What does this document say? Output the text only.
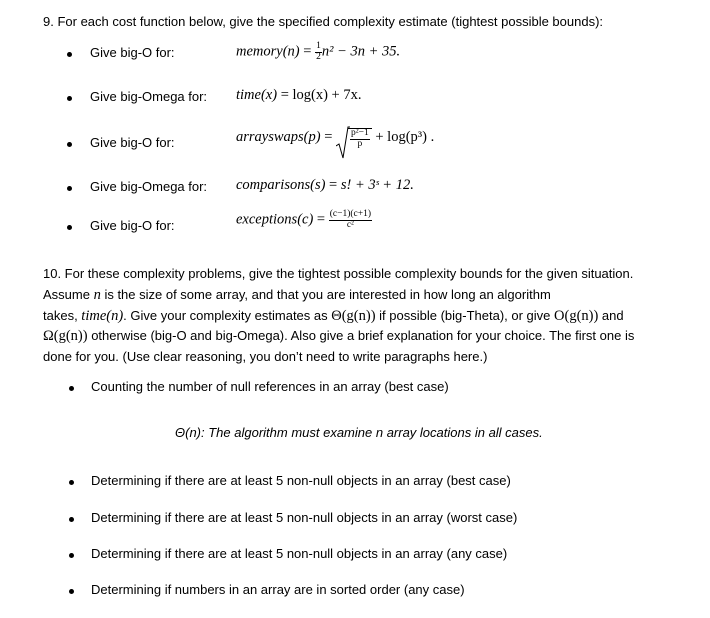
9. For each cost function below, give the specified complexity estimate (tightest possible bounds):
Give big-O for:	memory(n) = $\frac{1}{2} n^2 - 3n + 35$.
Give big-Omega for: time(x) = log(x) + 7x.
Give big-O for:	arrayswaps(p) = $\frac{\text{p²−1}}{p} + \log(p^3)$ .
Give big-Omega for: comparisons(s) = s! + 3ˢ + 12.
Give big-O for:	exceptions(c) = $\frac{(c-1)(c+1)}{\text{c²}}$
10. For these complexity problems, give the tightest possible complexity bounds for the given situation.
Assume n is the size of some array, and that you are interested in how long an algorithm
takes, time(n). Give your complexity estimates as Θ(g(n)) if possible (big-Theta), or give O(g(n)) and
Ω(g(n)) otherwise (big-O and big-Omega). Also give a brief explanation for your choice. The first one is
done for you. (Use clear reasoning, you don’t need to write paragraphs here.)
Counting the number of null references in an array (best case)
Θ(n): The algorithm must examine n array locations in all cases.
Determining if there are at least 5 non-null objects in an array (best case)
Determining if there are at least 5 non-null objects in an array (worst case)
Determining if there are at least 5 non-null objects in an array (any case)
Determining if numbers in an array are in sorted order (any case)
